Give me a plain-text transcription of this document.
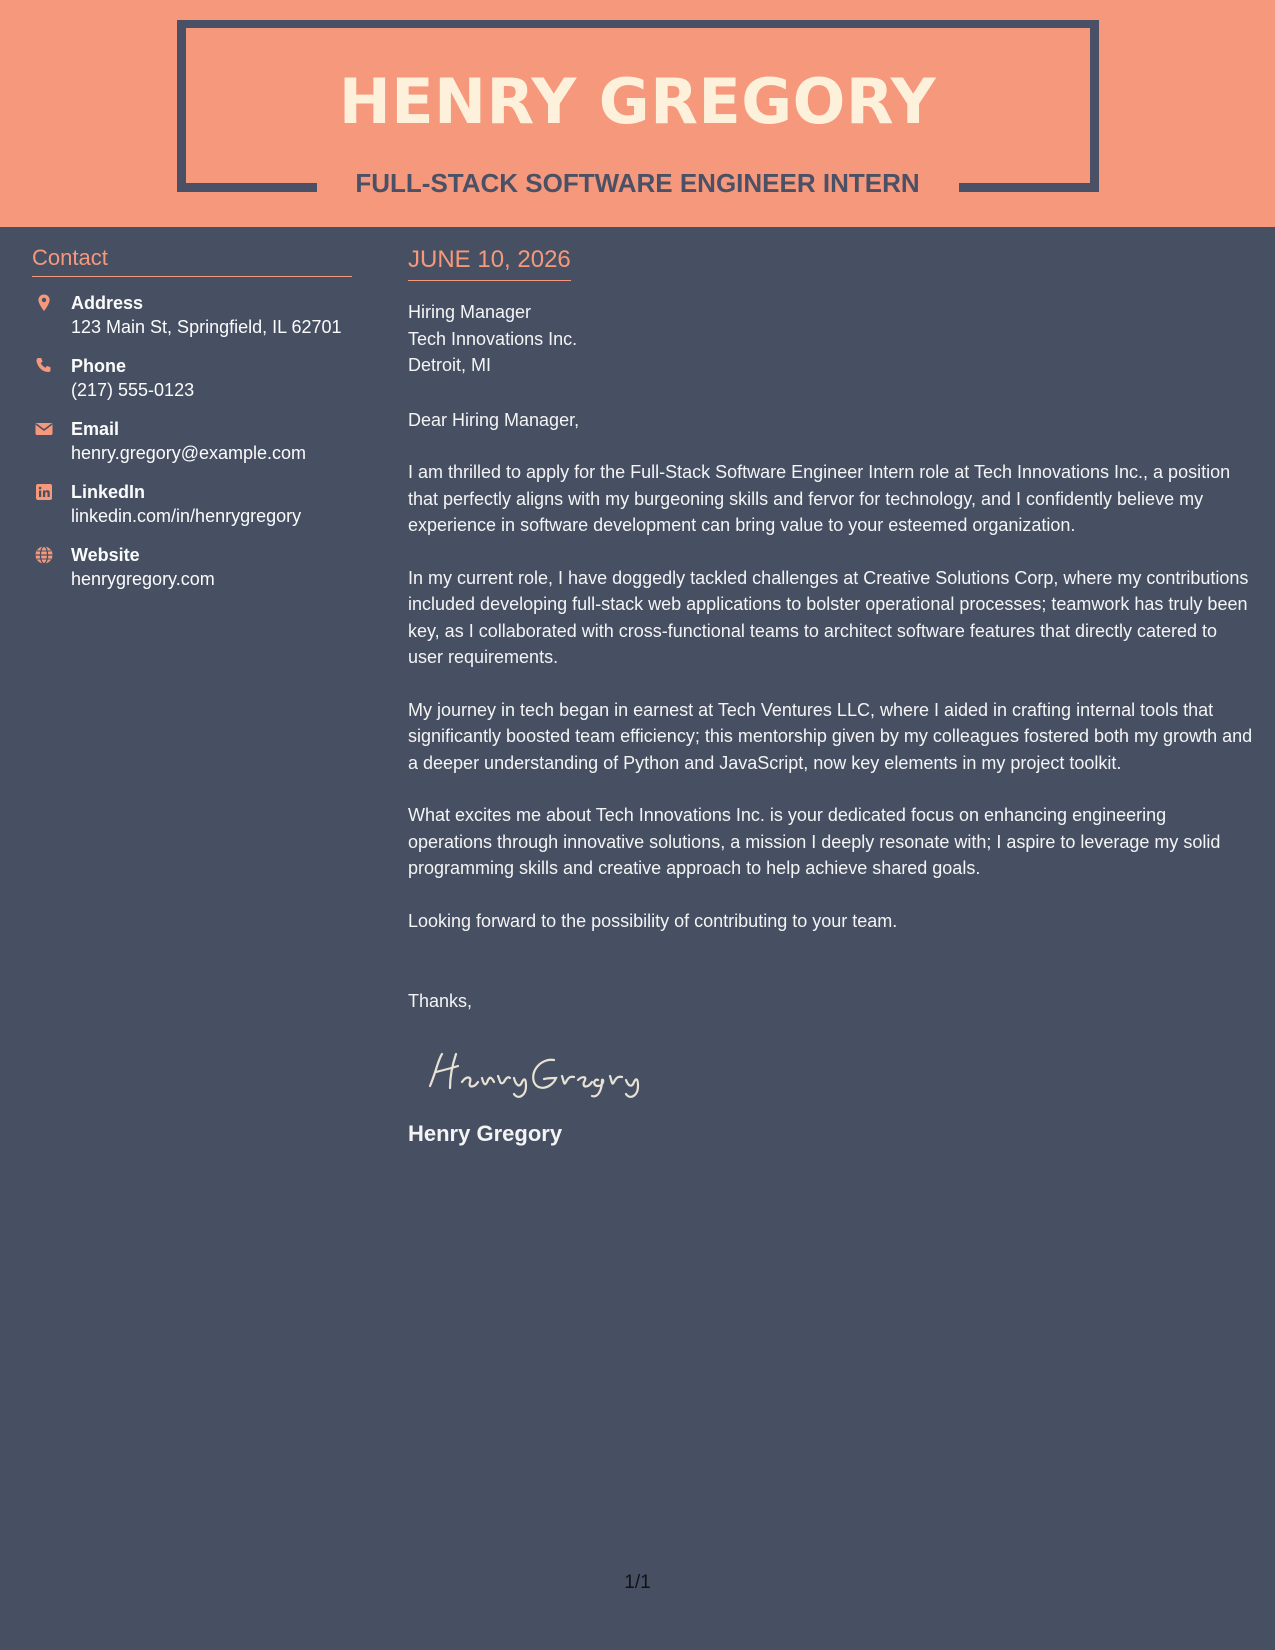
HENRY GREGORY
FULL-STACK SOFTWARE ENGINEER INTERN
Contact
Address
123 Main St, Springfield, IL 62701
Phone
(217) 555-0123
Email
henry.gregory@example.com
LinkedIn
linkedin.com/in/henrygregory
Website
henrygregory.com
JUNE 10, 2026
Hiring Manager
Tech Innovations Inc.
Detroit, MI

Dear Hiring Manager,

I am thrilled to apply for the Full-Stack Software Engineer Intern role at Tech Innovations Inc., a position that perfectly aligns with my burgeoning skills and fervor for technology, and I confidently believe my experience in software development can bring value to your esteemed organization.

In my current role, I have doggedly tackled challenges at Creative Solutions Corp, where my contributions included developing full-stack web applications to bolster operational processes; teamwork has truly been key, as I collaborated with cross-functional teams to architect software features that directly catered to user requirements.

My journey in tech began in earnest at Tech Ventures LLC, where I aided in crafting internal tools that significantly boosted team efficiency; this mentorship given by my colleagues fostered both my growth and a deeper understanding of Python and JavaScript, now key elements in my project toolkit.

What excites me about Tech Innovations Inc. is your dedicated focus on enhancing engineering operations through innovative solutions, a mission I deeply resonate with; I aspire to leverage my solid programming skills and creative approach to help achieve shared goals.

Looking forward to the possibility of contributing to your team.

Thanks,
Henry Gregory
1/1
